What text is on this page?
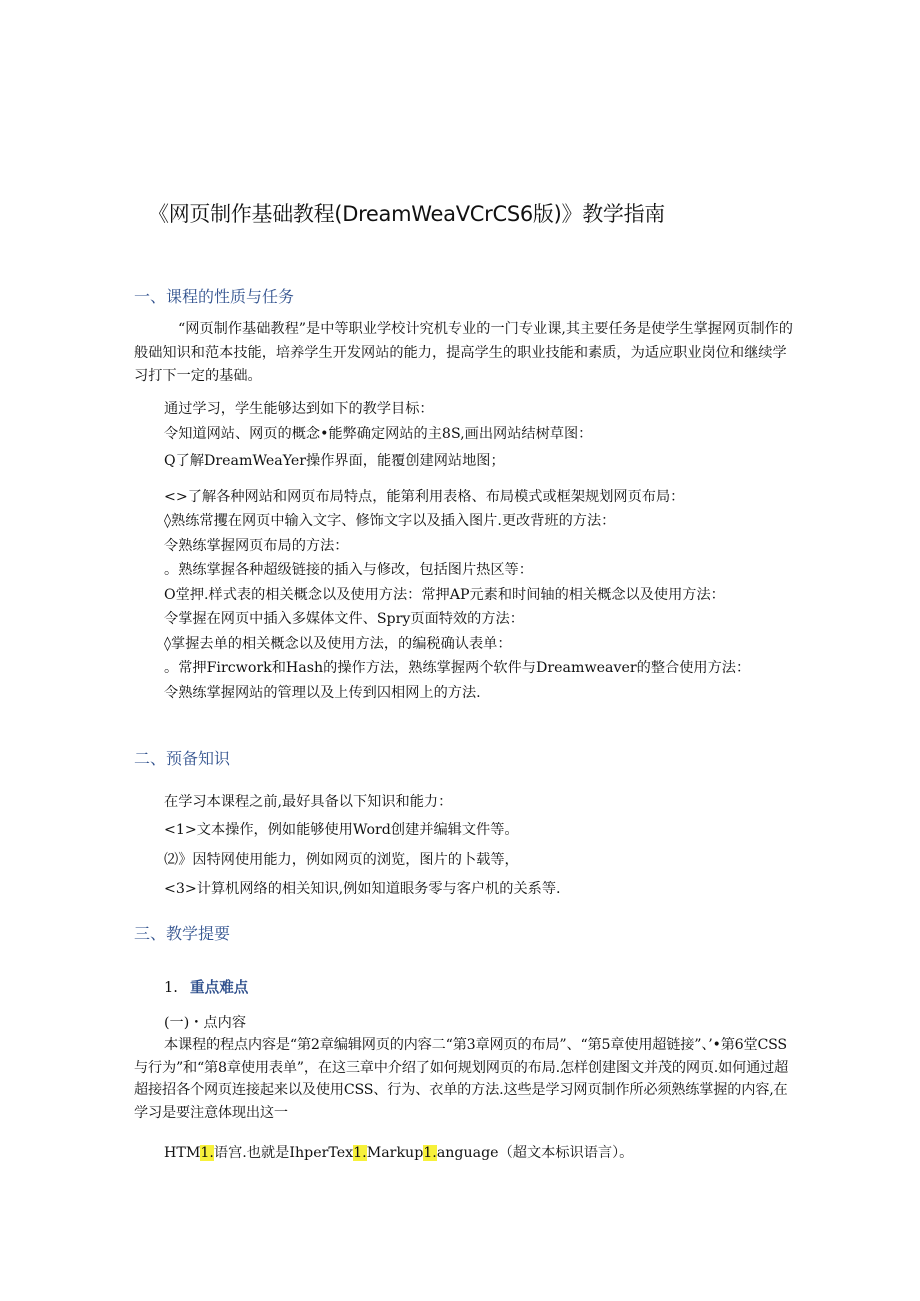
《网页制作基础教程(DreamWeaVCrCS6版)》教学指南
一、课程的性质与任务
“网页制作基础教程”是中等职业学校计究机专业的一门专业课,其主要任务是使学生掌握网页制作的般础知识和范本技能，培养学生开发网站的能力，提高学生的职业技能和素质，为适应职业岗位和继续学习打下一定的基础。
通过学习，学生能够达到如下的教学目标：
令知道网站、网页的概念•能弊确定网站的主8S,画出网站结树草图：
Q了解DreamWeaYer操作界面，能覆创建网站地图；
<>了解各种网站和网页布局特点，能第利用表格、布局模式或框架规划网页布局：
◊熟练常攫在网页中输入文字、修饰文字以及插入图片.更改背班的方法：
令熟练掌握网页布局的方法：
。熟练掌握各种超级链接的插入与修改，包括图片热区等：
O堂押.样式表的相关概念以及使用方法：常押AP元素和时间轴的相关概念以及使用方法：
令掌握在网页中插入多媒体文件、Spry页面特效的方法：
◊掌握去单的相关概念以及使用方法，的编税确认表单：
。常押Fircwork和Hash的操作方法，熟练掌握两个软件与Dreamweaver的整合使用方法：
令熟练掌握网站的管理以及上传到囚相网上的方法.
二、预备知识
在学习本课程之前,最好具备以下知识和能力：
<1>文本操作，例如能够使用Word创建并编辑文件等。
⑵》因特网使用能力，例如网页的浏览，图片的卜载等，
<3>计算机网络的相关知识,例如知道眼务零与客户机的关系等.
三、教学提要
1. 重点难点
(一)・点内容
本课程的程点内容是“第2章编辑网页的内容二“第3章网页的布局”、“第5章使用超链接”、’•第6堂CSS与行为”和“第8章使用表单”，在这三章中介绍了如何规划网页的布局.怎样创建图文并茂的网页.如何通过超超接招各个网页连接起来以及使用CSS、行为、衣单的方法.这些是学习网页制作所必须熟练掌握的内容,在学习是要注意体现出这一
HTM1.语宫.也就是IhperTex1.Markup1.anguage（超文本标识语言）。
